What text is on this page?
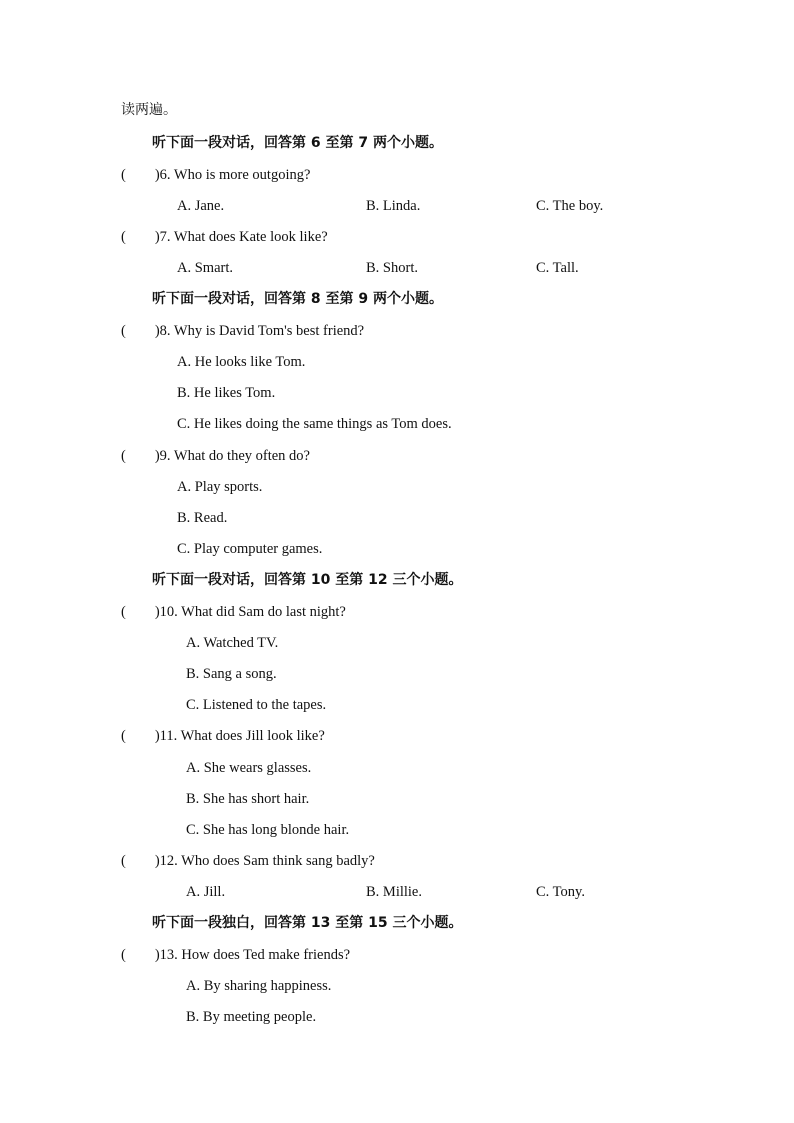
读两遍。
听下面一段对话，回答第 6 至第 7 两个小题。
(        )6. Who is more outgoing?
A. Jane.	B. Linda.	C. The boy.
(        )7. What does Kate look like?
A. Smart.	B. Short.	C. Tall.
听下面一段对话，回答第 8 至第 9 两个小题。
(        )8. Why is David Tom's best friend?
A. He looks like Tom.
B. He likes Tom.
C. He likes doing the same things as Tom does.
(        )9. What do they often do?
A. Play sports.
B. Read.
C. Play computer games.
听下面一段对话，回答第 10 至第 12 三个小题。
(        )10. What did Sam do last night?
A. Watched TV.
B. Sang a song.
C. Listened to the tapes.
(        )11. What does Jill look like?
A. She wears glasses.
B. She has short hair.
C. She has long blonde hair.
(        )12. Who does Sam think sang badly?
A. Jill.	B. Millie.	C. Tony.
听下面一段独白，回答第 13 至第 15 三个小题。
(        )13. How does Ted make friends?
A. By sharing happiness.
B. By meeting people.
